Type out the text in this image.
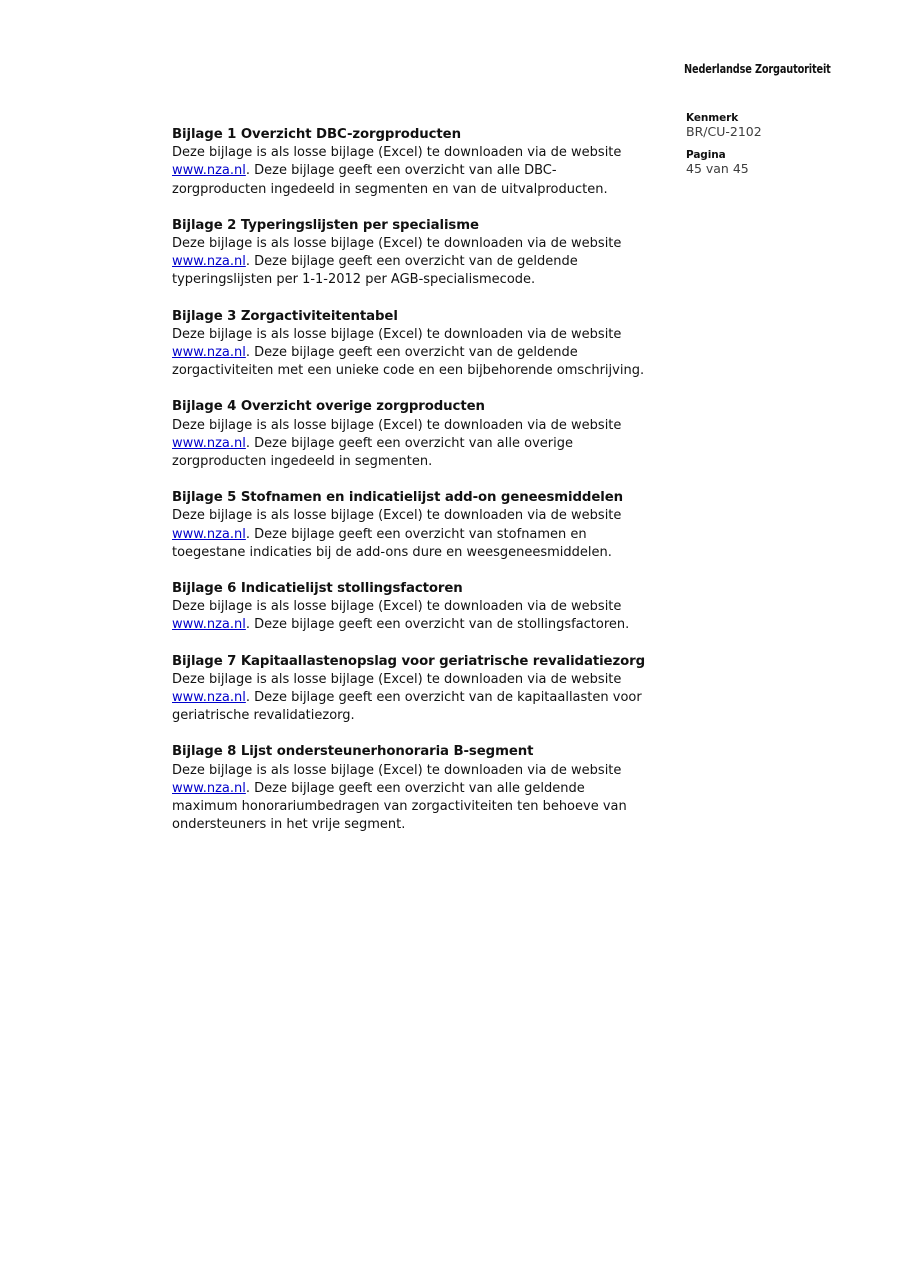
Nederlandse Zorgautoriteit
Kenmerk
BR/CU-2102
Pagina
45 van 45
Bijlage 1 Overzicht DBC-zorgproducten
Deze bijlage is als losse bijlage (Excel) te downloaden via de website
www.nza.nl. Deze bijlage geeft een overzicht van alle DBC-
zorgproducten ingedeeld in segmenten en van de uitvalproducten.
Bijlage 2 Typeringslijsten per specialisme
Deze bijlage is als losse bijlage (Excel) te downloaden via de website
www.nza.nl. Deze bijlage geeft een overzicht van de geldende
typeringslijsten per 1-1-2012 per AGB-specialismecode.
Bijlage 3 Zorgactiviteitentabel
Deze bijlage is als losse bijlage (Excel) te downloaden via de website
www.nza.nl. Deze bijlage geeft een overzicht van de geldende
zorgactiviteiten met een unieke code en een bijbehorende omschrijving.
Bijlage 4 Overzicht overige zorgproducten
Deze bijlage is als losse bijlage (Excel) te downloaden via de website
www.nza.nl. Deze bijlage geeft een overzicht van alle overige
zorgproducten ingedeeld in segmenten.
Bijlage 5 Stofnamen en indicatielijst add-on geneesmiddelen
Deze bijlage is als losse bijlage (Excel) te downloaden via de website
www.nza.nl. Deze bijlage geeft een overzicht van stofnamen en
toegestane indicaties bij de add-ons dure en weesgeneesmiddelen.
Bijlage 6 Indicatielijst stollingsfactoren
Deze bijlage is als losse bijlage (Excel) te downloaden via de website
www.nza.nl. Deze bijlage geeft een overzicht van de stollingsfactoren.
Bijlage 7 Kapitaallastenopslag voor geriatrische revalidatiezorg
Deze bijlage is als losse bijlage (Excel) te downloaden via de website
www.nza.nl. Deze bijlage geeft een overzicht van de kapitaallasten voor
geriatrische revalidatiezorg.
Bijlage 8 Lijst ondersteunerhonoraria B-segment
Deze bijlage is als losse bijlage (Excel) te downloaden via de website
www.nza.nl. Deze bijlage geeft een overzicht van alle geldende
maximum honorariumbedragen van zorgactiviteiten ten behoeve van
ondersteuners in het vrije segment.
